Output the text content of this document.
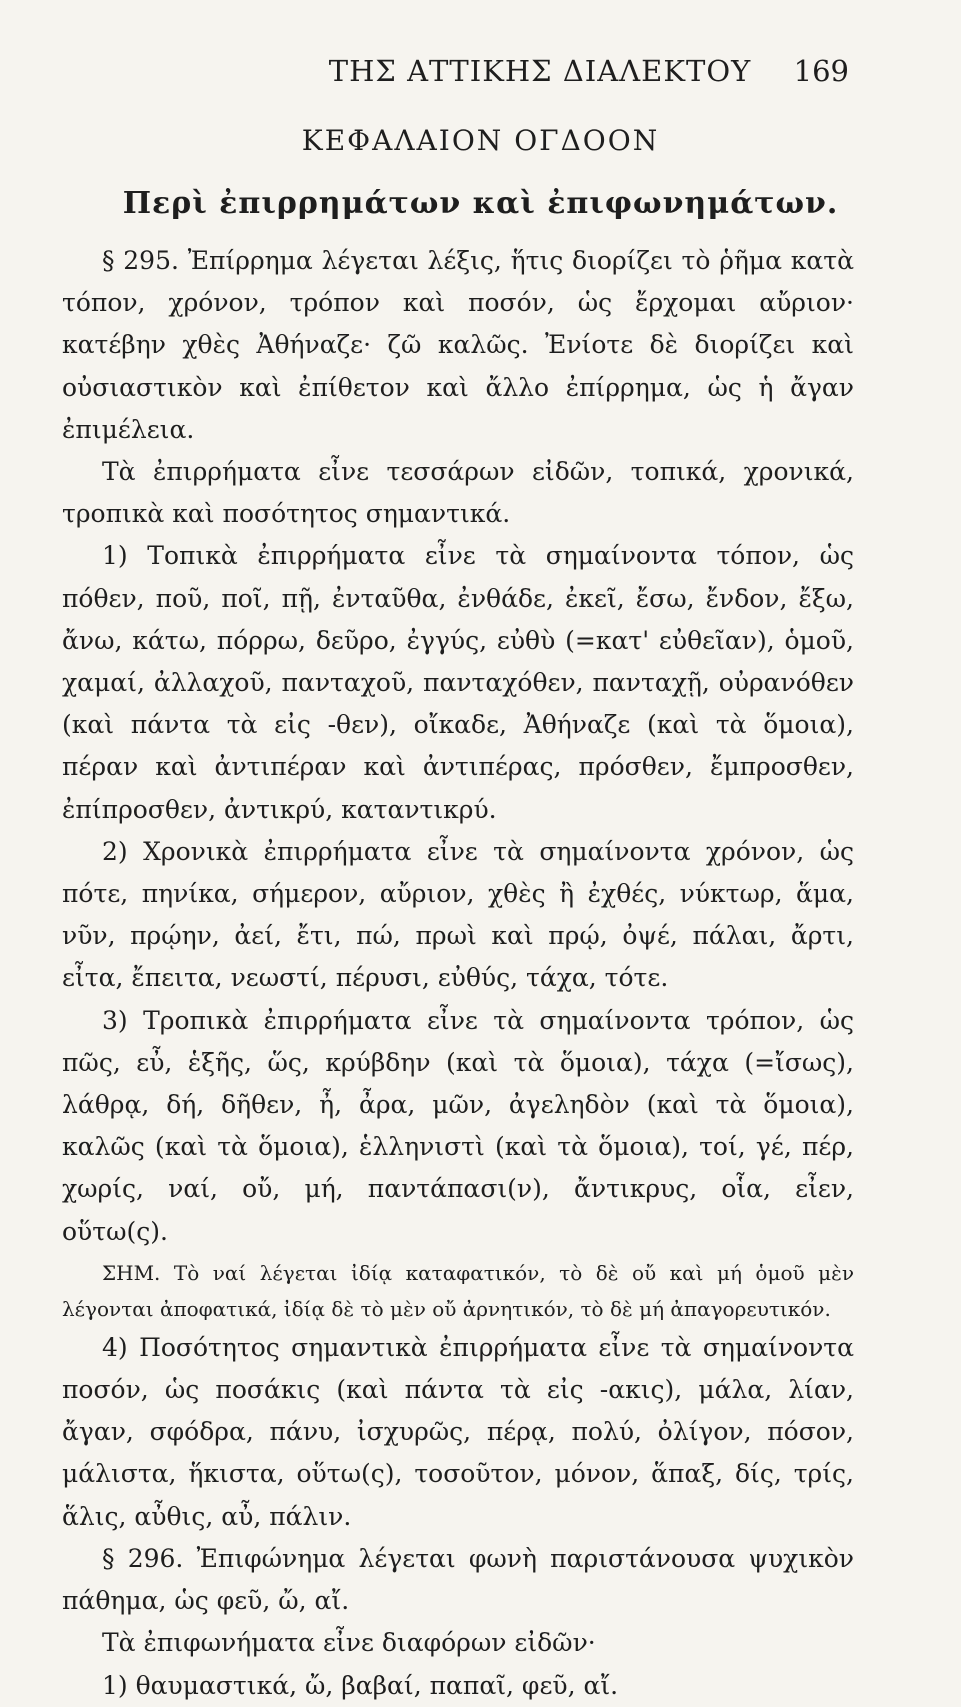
ΤΗΣ ΑΤΤΙΚΗΣ ΔΙΑΛΕΚΤΟΥ	169
ΚΕΦΑΛΑΙΟΝ ΟΓΔΟΟΝ
Περὶ ἐπιρρημάτων καὶ ἐπιφωνημάτων.

§ 295. Ἐπίρρημα λέγεται λέξις, ἥτις διορίζει τὸ ῥῆμα κατὰ τόπον, χρόνον, τρόπον καὶ ποσόν, ὡς ἔρχομαι αὔριον· κατέβην χθὲς Ἀθήναζε· ζῶ καλῶς. Ἐνίοτε δὲ διορίζει καὶ οὐσιαστικὸν καὶ ἐπίθετον καὶ ἄλλο ἐπίρρημα, ὡς ἡ ἄγαν ἐπιμέλεια.

Τὰ ἐπιρρήματα εἶνε τεσσάρων εἰδῶν, τοπικά, χρονικά, τροπικὰ καὶ ποσότητος σημαντικά.

1) Τοπικὰ ἐπιρρήματα εἶνε τὰ σημαίνοντα τόπον, ὡς πόθεν, ποῦ, ποῖ, πῇ, ἐνταῦθα, ἐνθάδε, ἐκεῖ, ἔσω, ἔνδον, ἔξω, ἄνω, κάτω, πόρρω, δεῦρο, ἐγγύς, εὐθὺ (=κατ' εὐθεῖαν), ὁμοῦ, χαμαί, ἀλλαχοῦ, πανταχοῦ, πανταχόθεν, πανταχῇ, οὐρανόθεν (καὶ πάντα τὰ εἰς -θεν), οἴκαδε, Ἀθήναζε (καὶ τὰ ὅμοια), πέραν καὶ ἀντιπέραν καὶ ἀντιπέρας, πρόσθεν, ἔμπροσθεν, ἐπίπροσθεν, ἀντικρύ, καταντικρύ.

2) Χρονικὰ ἐπιρρήματα εἶνε τὰ σημαίνοντα χρόνον, ὡς πότε, πηνίκα, σήμερον, αὔριον, χθὲς ἢ ἐχθές, νύκτωρ, ἅμα, νῦν, πρῴην, ἀεί, ἔτι, πώ, πρωὶ καὶ πρῴ, ὀψέ, πάλαι, ἄρτι, εἶτα, ἔπειτα, νεωστί, πέρυσι, εὐθύς, τάχα, τότε.

3) Τροπικὰ ἐπιρρήματα εἶνε τὰ σημαίνοντα τρόπον, ὡς πῶς, εὖ, ἑξῆς, ὥς, κρύβδην (καὶ τὰ ὅμοια), τάχα (=ἴσως), λάθρᾳ, δή, δῆθεν, ἦ, ἆρα, μῶν, ἀγεληδὸν (καὶ τὰ ὅμοια), καλῶς (καὶ τὰ ὅμοια), ἑλληνιστὶ (καὶ τὰ ὅμοια), τοί, γέ, πέρ, χωρίς, ναί, οὔ, μή, παντάπασι(ν), ἄντικρυς, οἷα, εἶεν, οὕτω(ς).

ΣΗΜ. Τὸ ναί λέγεται ἰδίᾳ καταφατικόν, τὸ δὲ οὔ καὶ μή ὁμοῦ μὲν λέγονται ἀποφατικά, ἰδίᾳ δὲ τὸ μὲν οὔ ἀρνητικόν, τὸ δὲ μή ἀπαγορευτικόν.

4) Ποσότητος σημαντικὰ ἐπιρρήματα εἶνε τὰ σημαίνοντα ποσόν, ὡς ποσάκις (καὶ πάντα τὰ εἰς -ακις), μάλα, λίαν, ἄγαν, σφόδρα, πάνυ, ἰσχυρῶς, πέρᾳ, πολύ, ὀλίγον, πόσον, μάλιστα, ἥκιστα, οὕτω(ς), τοσοῦτον, μόνον, ἅπαξ, δίς, τρίς, ἅλις, αὖθις, αὖ, πάλιν.

§ 296. Ἐπιφώνημα λέγεται φωνὴ παριστάνουσα ψυχικὸν πάθημα, ὡς φεῦ, ὤ, αἴ.

Τὰ ἐπιφωνήματα εἶνε διαφόρων εἰδῶν·

1) θαυμαστικά, ὤ, βαβαί, παπαῖ, φεῦ, αἴ.
